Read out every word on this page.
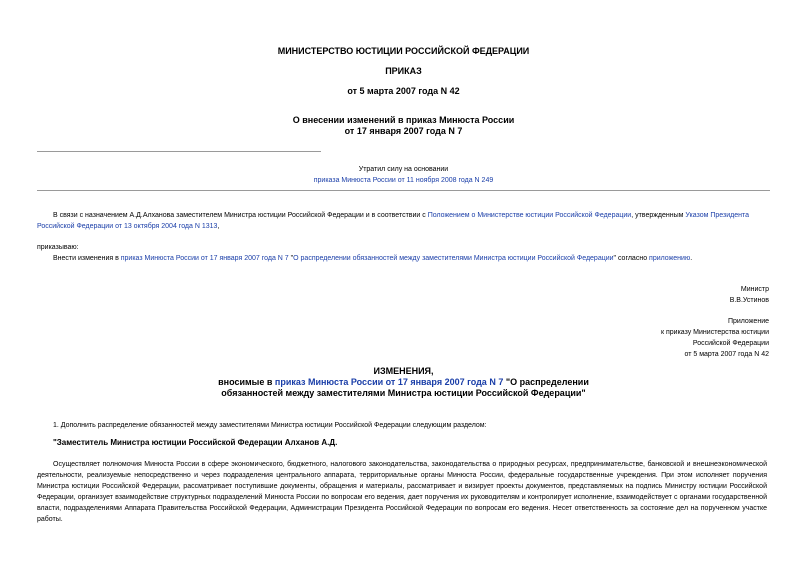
МИНИСТЕРСТВО ЮСТИЦИИ РОССИЙСКОЙ ФЕДЕРАЦИИ
ПРИКАЗ
от 5 марта 2007 года N 42
О внесении изменений в приказ Минюста России
от 17 января 2007 года N 7
Утратил силу на основании
приказа Минюста России от 11 ноября 2008 года N 249
В связи с назначением А.Д.Алханова заместителем Министра юстиции Российской Федерации и в соответствии с Положением о Министерстве юстиции Российской Федерации, утвержденным Указом Президента Российской Федерации от 13 октября 2004 года N 1313,
приказываю:
Внести изменения в приказ Минюста России от 17 января 2007 года N 7 "О распределении обязанностей между заместителями Министра юстиции Российской Федерации" согласно приложению.
Министр
В.В.Устинов
Приложение
к приказу Министерства юстиции
Российской Федерации
от 5 марта 2007 года N 42
ИЗМЕНЕНИЯ,
вносимые в приказ Минюста России от 17 января 2007 года N 7 "О распределении
обязанностей между заместителями Министра юстиции Российской Федерации"
1. Дополнить распределение обязанностей между заместителями Министра юстиции Российской Федерации следующим разделом:
"Заместитель Министра юстиции Российской Федерации Алханов А.Д.
Осуществляет полномочия Минюста России в сфере экономического, бюджетного, налогового законодательства, законодательства о природных ресурсах, предпринимательстве, банковской и внешнеэкономической деятельности, реализуемые непосредственно и через подразделения центрального аппарата, территориальные органы Минюста России, федеральные государственные учреждения. При этом исполняет поручения Министра юстиции Российской Федерации, рассматривает поступившие документы, обращения и материалы, рассматривает и визирует проекты документов, представляемых на подпись Министру юстиции Российской Федерации, организует взаимодействие структурных подразделений Минюста России по вопросам его ведения, дает поручения их руководителям и контролирует исполнение, взаимодействует с органами государственной власти, подразделениями Аппарата Правительства Российской Федерации, Администрации Президента Российской Федерации по вопросам его ведения. Несет ответственность за состояние дел на порученном участке работы.
